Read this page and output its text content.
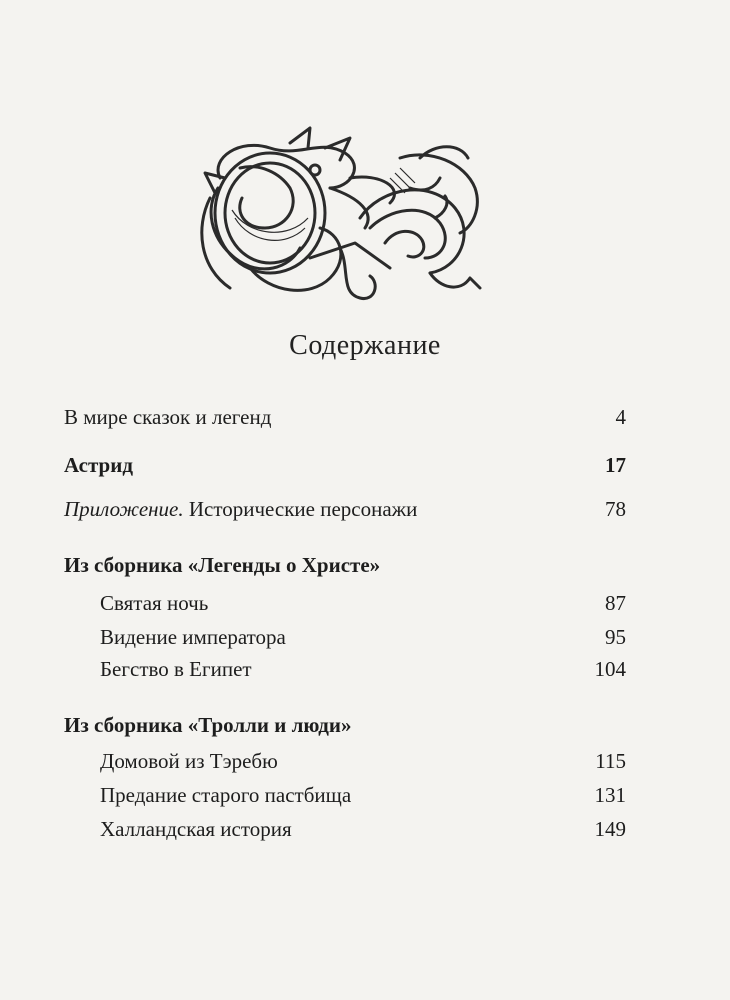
Содержание
В мире сказок и легенд	4
Астрид	17
Приложение. Исторические персонажи	78
Из сборника «Легенды о Христе»
Святая ночь	87
Видение императора	95
Бегство в Египет	104
Из сборника «Тролли и люди»
Домовой из Тэребю	115
Предание старого пастбища	131
Халландская история	149
